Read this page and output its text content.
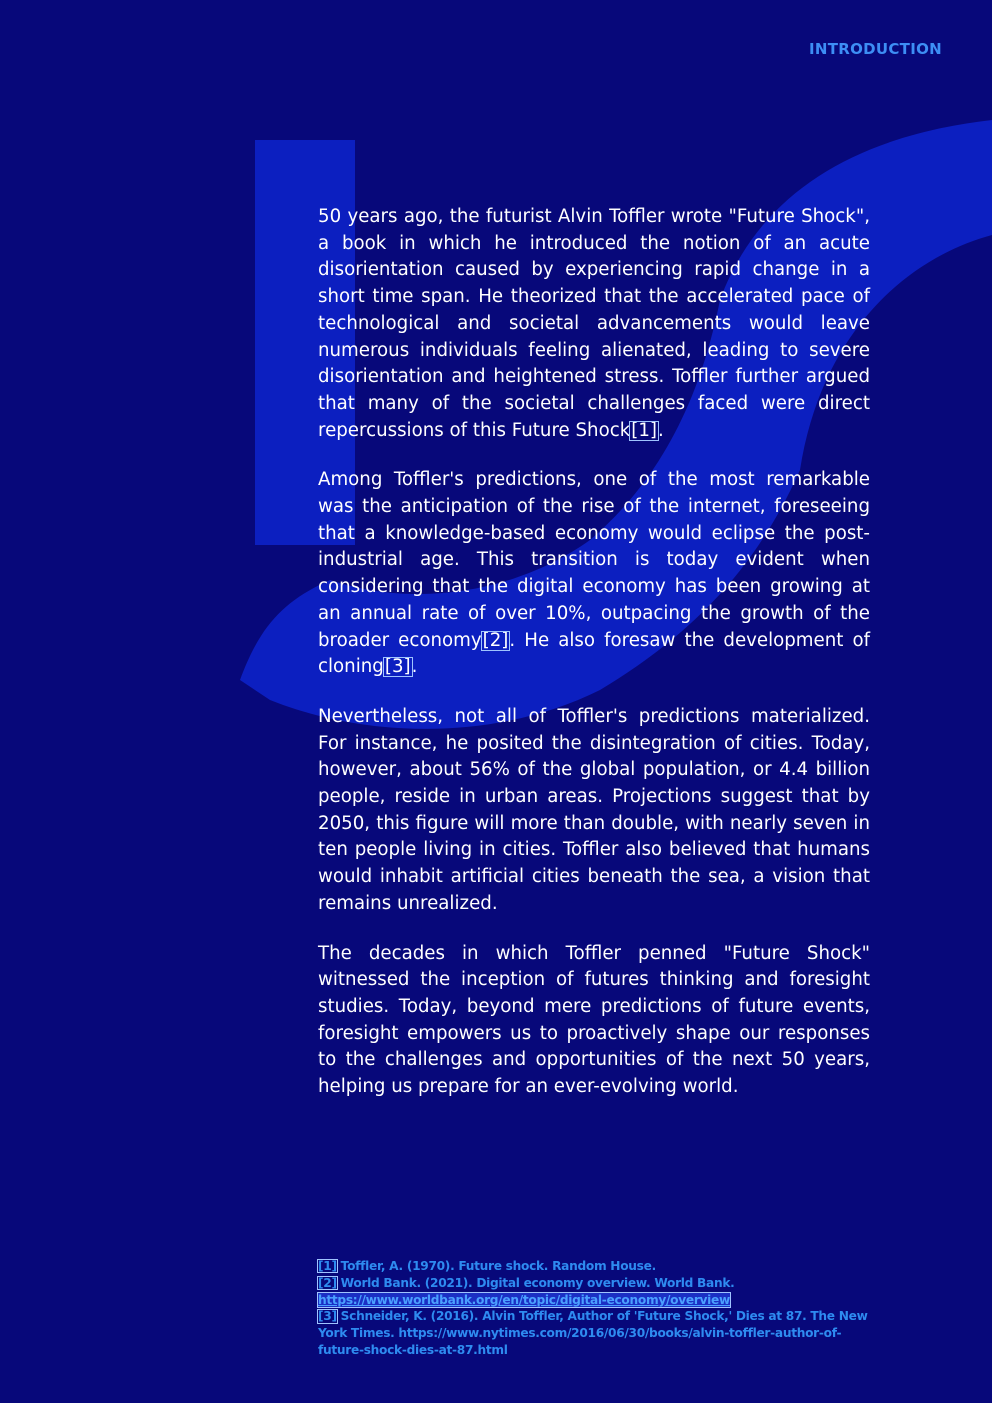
INTRODUCTION

50 years ago, the futurist Alvin Toffler wrote "Future Shock", a book in which he introduced the notion of an acute disorientation caused by experiencing rapid change in a short time span. He theorized that the accelerated pace of technological and societal advancements would leave numerous individuals feeling alienated, leading to severe disorientation and heightened stress. Toffler further argued that many of the societal challenges faced were direct repercussions of this Future Shock[1].

Among Toffler's predictions, one of the most remarkable was the anticipation of the rise of the internet, foreseeing that a knowledge-based economy would eclipse the post-industrial age. This transition is today evident when considering that the digital economy has been growing at an annual rate of over 10%, outpacing the growth of the broader economy[2]. He also foresaw the development of cloning[3].

Nevertheless, not all of Toffler's predictions materialized. For instance, he posited the disintegration of cities. Today, however, about 56% of the global population, or 4.4 billion people, reside in urban areas. Projections suggest that by 2050, this figure will more than double, with nearly seven in ten people living in cities. Toffler also believed that humans would inhabit artificial cities beneath the sea, a vision that remains unrealized.

The decades in which Toffler penned "Future Shock" witnessed the inception of futures thinking and foresight studies. Today, beyond mere predictions of future events, foresight empowers us to proactively shape our responses to the challenges and opportunities of the next 50 years, helping us prepare for an ever-evolving world.

[1] Toffler, A. (1970). Future shock. Random House.

[2] World Bank. (2021). Digital economy overview. World Bank. https://www.worldbank.org/en/topic/digital-economy/overview

[3] Schneider, K. (2016). Alvin Toffler, Author of 'Future Shock,' Dies at 87. The New York Times. https://www.nytimes.com/2016/06/30/books/alvin-toffler-author-of-future-shock-dies-at-87.html
